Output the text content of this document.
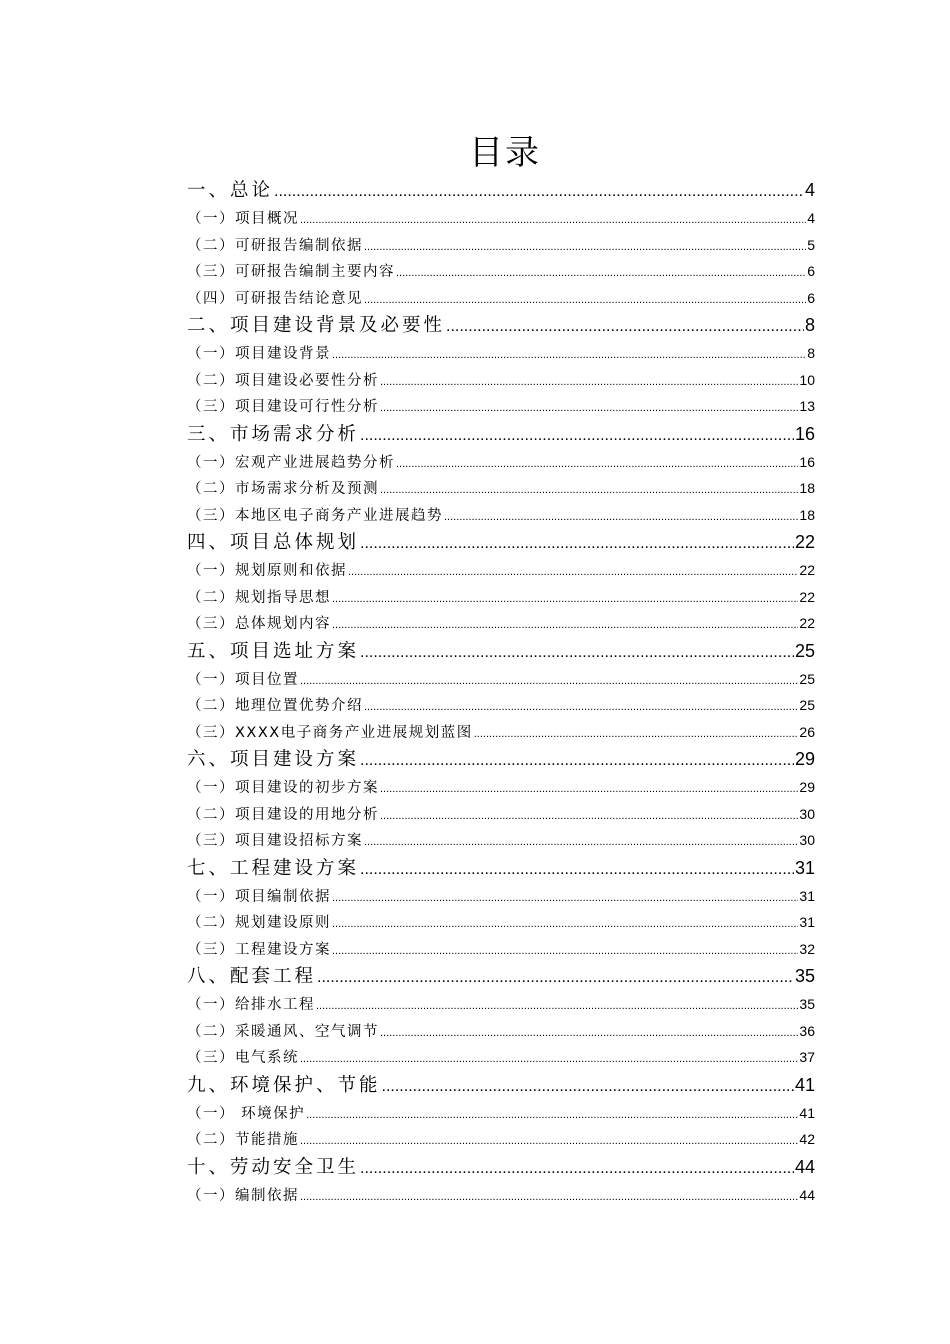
目录
一、总论 .....	4
（一）项目概况 .....	4
（二）可研报告编制依据 .....	5
（三）可研报告编制主要内容 .....	6
（四）可研报告结论意见 .....	6
二、项目建设背景及必要性 .....	8
（一）项目建设背景 .....	8
（二）项目建设必要性分析 .....	10
（三）项目建设可行性分析 .....	13
三、市场需求分析 .....	16
（一）宏观产业进展趋势分析 .....	16
（二）市场需求分析及预测 .....	18
（三）本地区电子商务产业进展趋势 .....	18
四、项目总体规划 .....	22
（一）规划原则和依据 .....	22
（二）规划指导思想 .....	22
（三）总体规划内容 .....	22
五、项目选址方案 .....	25
（一）项目位置 .....	25
（二）地理位置优势介绍 .....	25
（三）XXXX电子商务产业进展规划蓝图 .....	26
六、项目建设方案 .....	29
（一）项目建设的初步方案 .....	29
（二）项目建设的用地分析 .....	30
（三）项目建设招标方案 .....	30
七、工程建设方案 .....	31
（一）项目编制依据 .....	31
（二）规划建设原则 .....	31
（三）工程建设方案 .....	32
八、配套工程 .....	35
（一）给排水工程 .....	35
（二）采暖通风、空气调节 .....	36
（三）电气系统 .....	37
九、环境保护、节能 .....	41
（一） 环境保护 .....	41
（二）节能措施 .....	42
十、劳动安全卫生 .....	44
（一）编制依据 .....	44
